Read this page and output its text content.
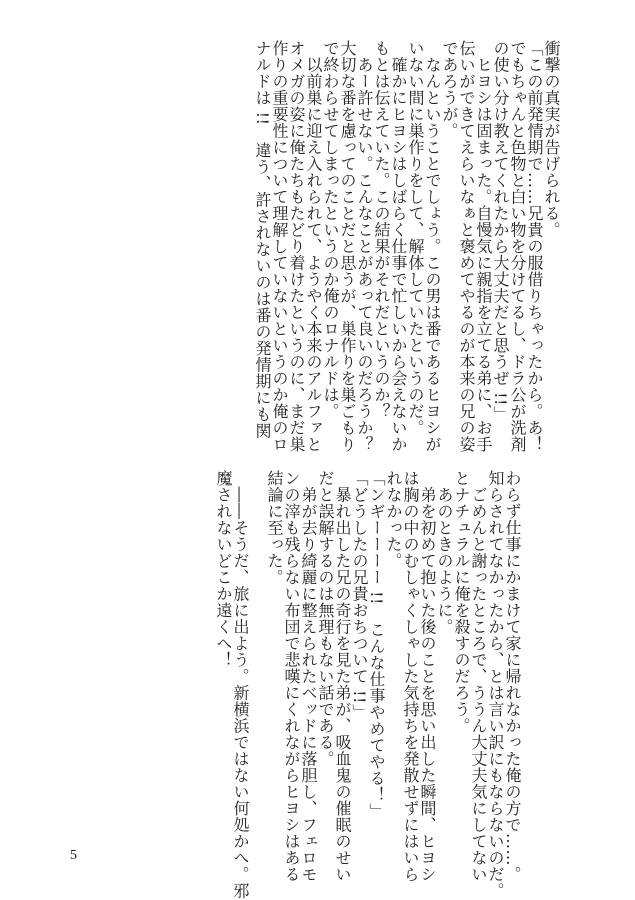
衝撃の真実が告げられる。
「この前発情期で……兄貴の服借りちゃったから。あ！
でもちゃんと色物と白い物を分けてるし、ドラ公が洗剤
の使い分け教えてくれたから大丈夫だと思うぜ !!」
　ヒヨシは固まった。自慢気に親指を立てる弟に、お手
伝いができてえらいなぁと褒めてやるのが本来の兄の姿
であろうが。
　なんということでしょう。この男は番であるヒヨシが
いない間に巣作りをして、解体していたというのだ。
　確かにヒヨシはしばらく仕事で忙しいから会えないか
もとは伝えていた。この結果がそれだというのか？
　あー許せない。こんなことがあって良いのだろうか？
大切な番を慮ってのことだと思うが、巣作りを巣ごもり
で終わらせてしまったというのか俺のロナルドは。
　以前巣に迎え入れられて、ようやく本来のアルファと
オメガの姿に俺たちもたどり着けたというのに、まだ巣
作りの重要性について理解していないというのか俺のロ
ナルドは !!　違う、許されないのは番の発情期にも関
わらず仕事にかまけて家に帰れなかった俺の方で……。
知らされてなかったから、とは言い訳にもならないのだ。
　ごめんと謝ったところで、ううん大丈夫気にしてない
とナチュラルに俺を殺すのだろう。
　あのときのように。
　弟を初めて抱いた後のことを思い出した瞬間、ヒヨシ
は胸の中のむしゃくしゃした気持ちを発散せずにはいら
れなかった。
「ンギーーーー !!　こんな仕事やめてやる！」
「どうしたの兄貴おちついて !!」
　暴れ出した兄の奇行を見た弟が、吸血鬼の催眠のせい
だと誤解するのは無理もない話である。
　弟が去り綺麗に整えられたベッドに落胆し、フェロモ
ンの滓も残らない布団で悲嘆にくれながらヒヨシはある
結論に至った。
　――そうだ、旅に出よう。新横浜ではない何処かへ。邪
魔されないどこか遠くへ！
5
